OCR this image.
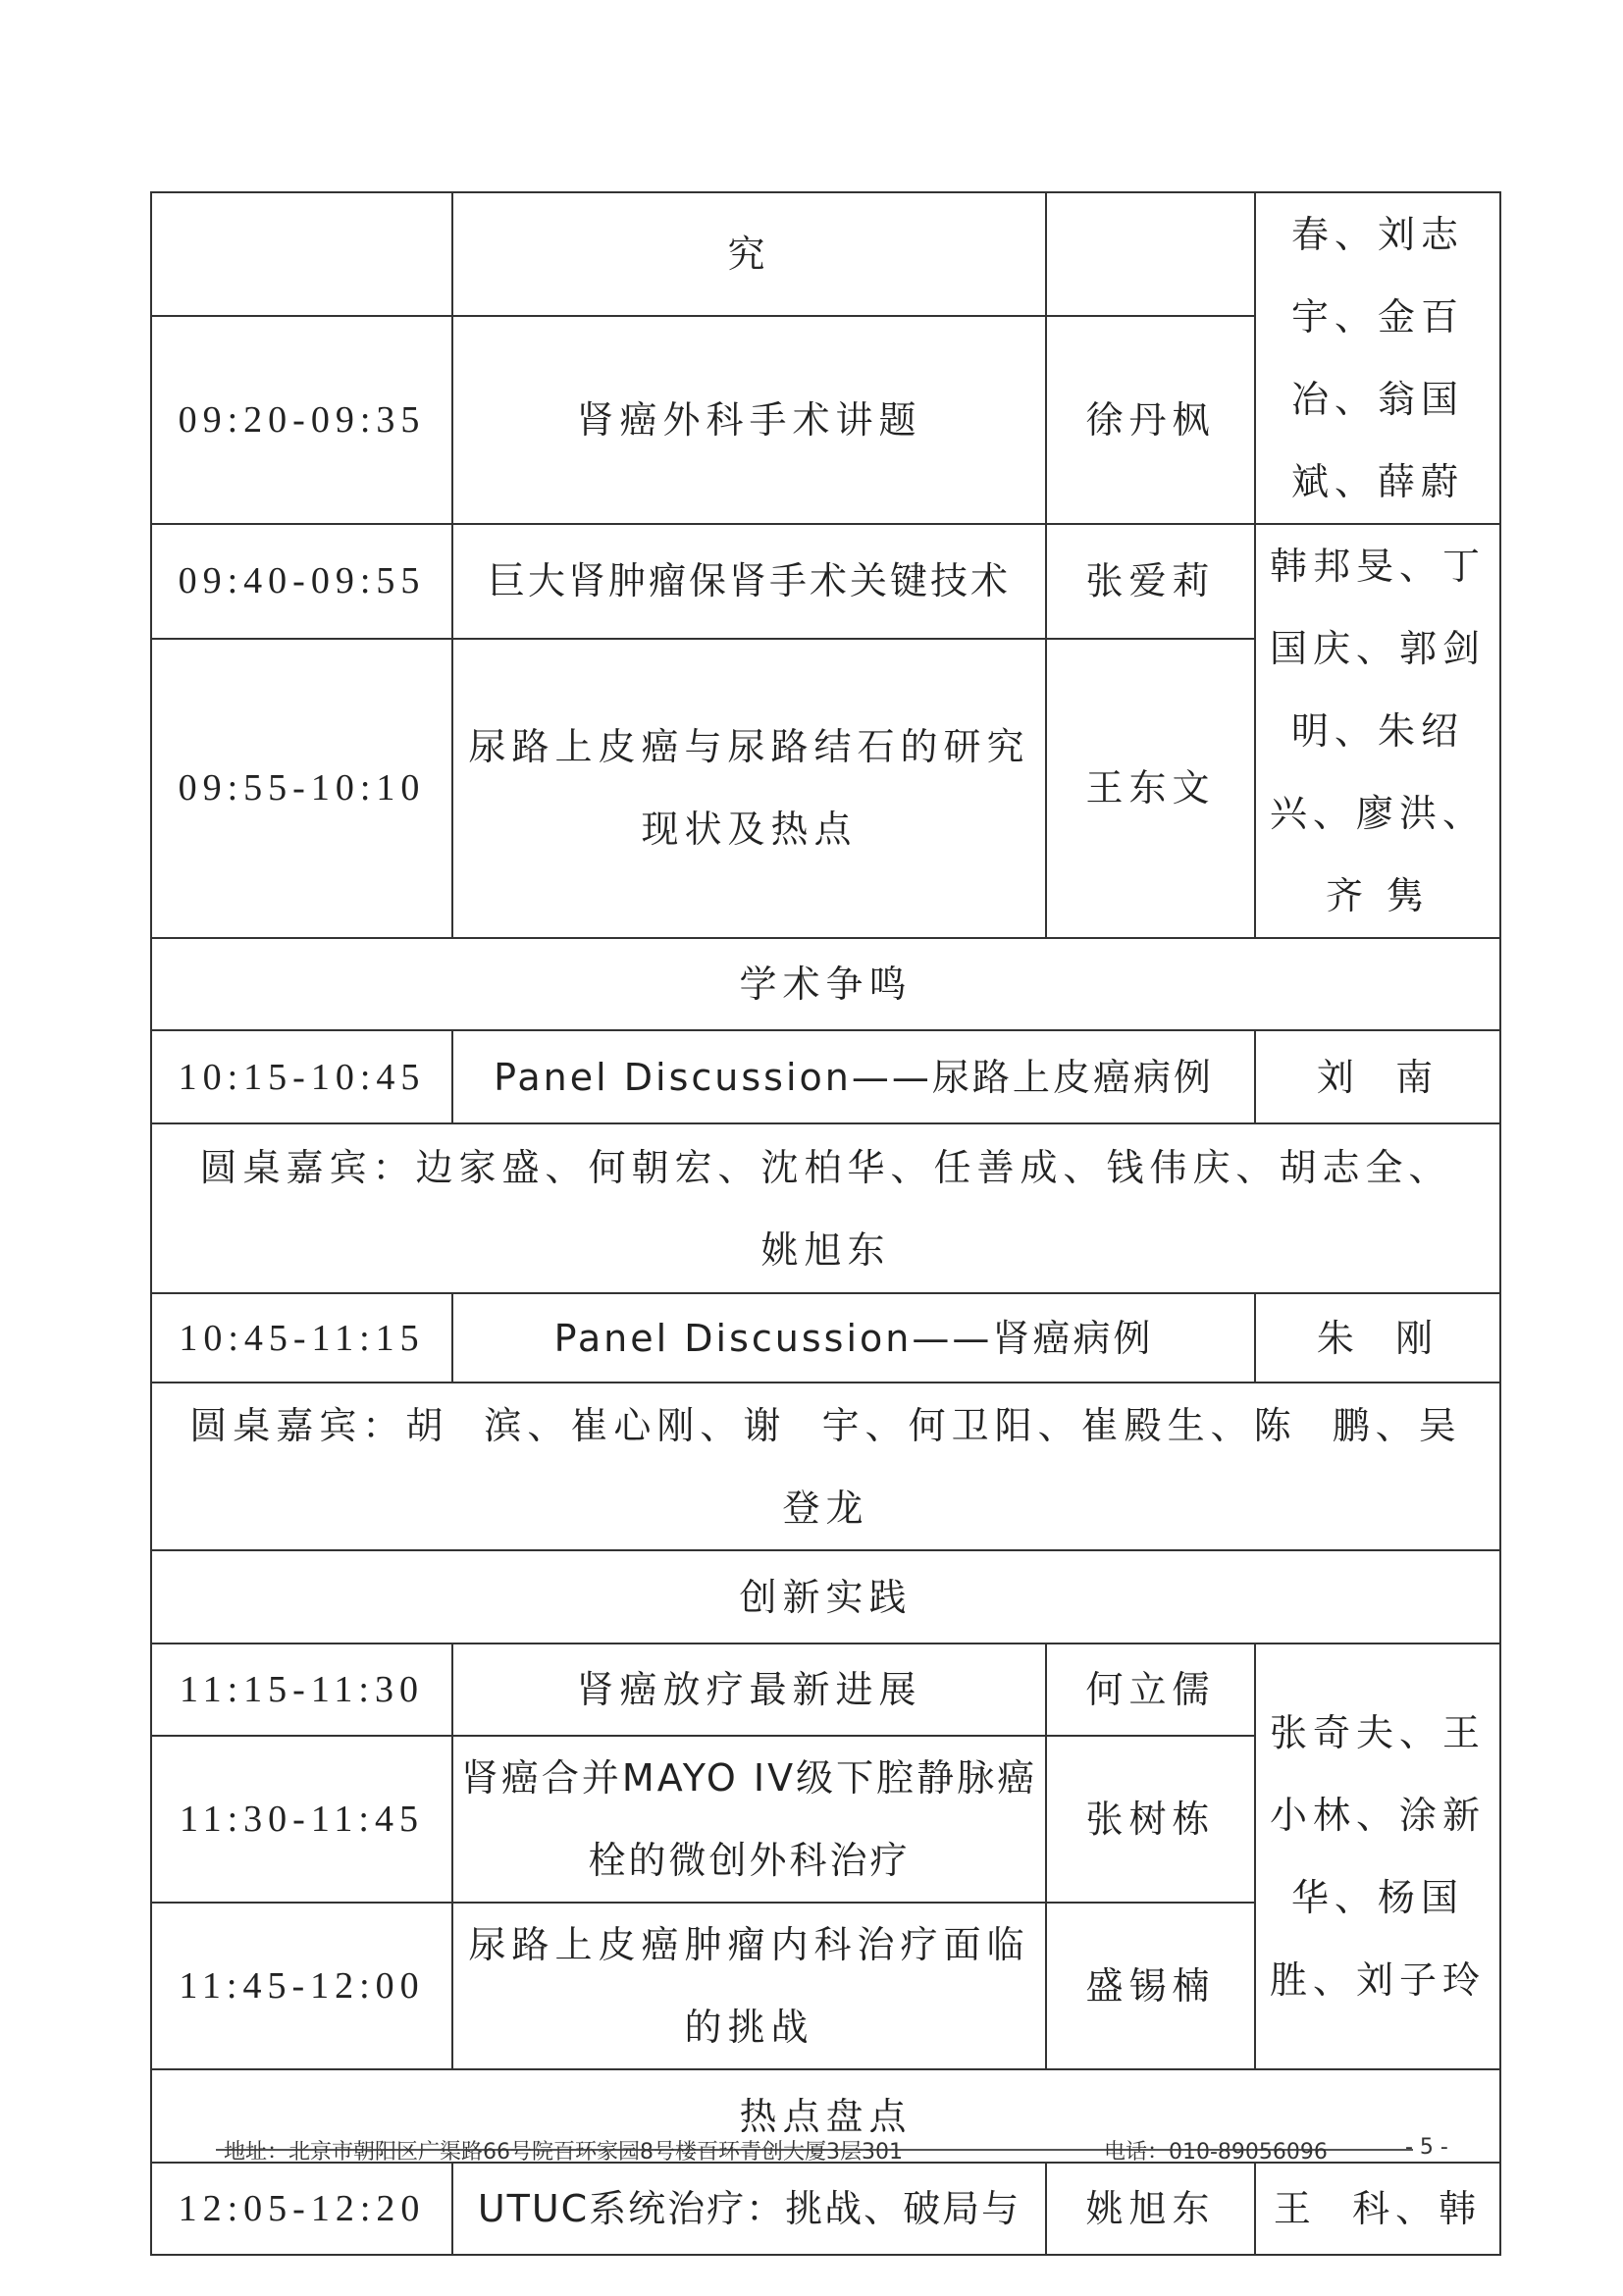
	究		春、刘志宇、金百冶、翁国斌、薛蔚
09:20-09:35	肾癌外科手术讲题	徐丹枫	
09:40-09:55	巨大肾肿瘤保肾手术关键技术	张爱莉	韩邦旻、丁国庆、郭剑明、朱绍兴、廖洪、齐 隽
09:55-10:10	尿路上皮癌与尿路结石的研究现状及热点	王东文	
学术争鸣			
10:15-10:45	Panel Discussion——尿路上皮癌病例		刘  南
圆桌嘉宾：边家盛、何朝宏、沈柏华、任善成、钱伟庆、胡志全、姚旭东			
10:45-11:15	Panel Discussion——肾癌病例		朱  刚
圆桌嘉宾：胡  滨、崔心刚、谢  宇、何卫阳、崔殿生、陈  鹏、吴登龙			
创新实践			
11:15-11:30	肾癌放疗最新进展	何立儒	张奇夫、王小林、涂新华、杨国胜、刘子玲
11:30-11:45	肾癌合并MAYO IV级下腔静脉癌栓的微创外科治疗	张树栋	
11:45-12:00	尿路上皮癌肿瘤内科治疗面临的挑战	盛锡楠	
热点盘点			
12:05-12:20	UTUC系统治疗：挑战、破局与	姚旭东	王  科、韩
地址：北京市朝阳区广渠路66号院百环家园8号楼百环青创大厦3层301	电话：010-89056096	- 5 -
